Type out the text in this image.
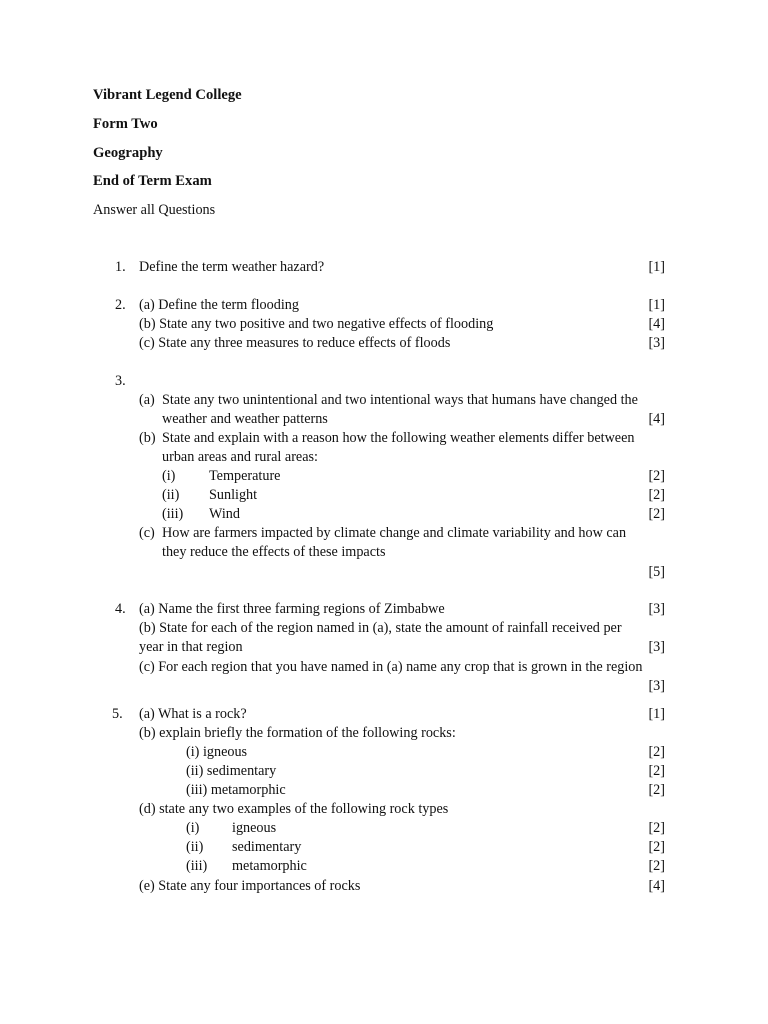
Vibrant Legend College
Form Two
Geography
End of Term Exam
Answer all Questions
1. Define the term weather hazard?	[1]
2. (a) Define the term flooding	[1]
(b) State any two positive and two negative effects of flooding	[4]
(c) State any three measures to reduce effects of floods	[3]
3.
(a) State any two unintentional and two intentional ways that humans have changed the
weather and weather patterns	[4]
(b) State and explain with a reason how the following weather elements differ between
urban areas and rural areas:
(i) Temperature	[2]
(ii) Sunlight	[2]
(iii) Wind	[2]
(c) How are farmers impacted by climate change and climate variability and how can
they reduce the effects of these impacts
[5]
4. (a) Name the first three farming regions of Zimbabwe	[3]
(b) State for each of the region named in (a), state the amount of rainfall received per
year in that region	[3]
(c) For each region that you have named in (a) name any crop that is grown in the region
[3]
5. (a) What is a rock?	[1]
(b) explain briefly the formation of the following rocks:
(i) igneous	[2]
(ii) sedimentary	[2]
(iii) metamorphic	[2]
(d) state any two examples of the following rock types
(i) igneous	[2]
(ii) sedimentary	[2]
(iii) metamorphic	[2]
(e) State any four importances of rocks	[4]
